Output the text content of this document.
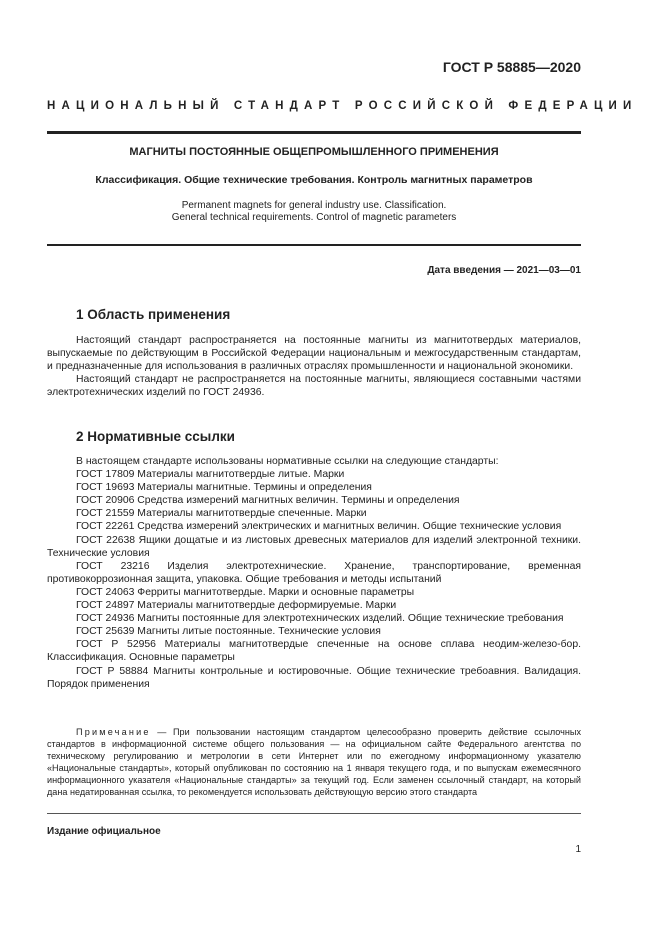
ГОСТ Р 58885—2020
НАЦИОНАЛЬНЫЙ СТАНДАРТ РОССИЙСКОЙ ФЕДЕРАЦИИ
МАГНИТЫ ПОСТОЯННЫЕ ОБЩЕПРОМЫШЛЕННОГО ПРИМЕНЕНИЯ
Классификация. Общие технические требования. Контроль магнитных параметров
Permanent magnets for general industry use. Classification.
General technical requirements. Control of magnetic parameters
Дата введения — 2021—03—01
1 Область применения

Настоящий стандарт распространяется на постоянные магниты из магнитотвердых материалов, выпускаемые по действующим в Российской Федерации национальным и межгосударственным стандартам, и предназначенные для использования в различных отраслях промышленности и национальной экономики.

Настоящий стандарт не распространяется на постоянные магниты, являющиеся составными частями электротехнических изделий по ГОСТ 24936.

2 Нормативные ссылки

В настоящем стандарте использованы нормативные ссылки на следующие стандарты:

ГОСТ 17809 Материалы магнитотвердые литые. Марки

ГОСТ 19693 Материалы магнитные. Термины и определения

ГОСТ 20906 Средства измерений магнитных величин. Термины и определения

ГОСТ 21559 Материалы магнитотвердые спеченные. Марки

ГОСТ 22261 Средства измерений электрических и магнитных величин. Общие технические условия

ГОСТ 22638 Ящики дощатые и из листовых древесных материалов для изделий электронной техники. Технические условия

ГОСТ 23216 Изделия электротехнические. Хранение, транспортирование, временная противокоррозионная защита, упаковка. Общие требования и методы испытаний

ГОСТ 24063 Ферриты магнитотвердые. Марки и основные параметры

ГОСТ 24897 Материалы магнитотвердые деформируемые. Марки

ГОСТ 24936 Магниты постоянные для электротехнических изделий. Общие технические требования

ГОСТ 25639 Магниты литые постоянные. Технические условия

ГОСТ Р 52956 Материалы магнитотвердые спеченные на основе сплава неодим-железо-бор. Классификация. Основные параметры

ГОСТ Р 58884 Магниты контрольные и юстировочные. Общие технические требоавния. Валидация. Порядок применения

Примечание — При пользовании настоящим стандартом целесообразно проверить действие ссылочных стандартов в информационной системе общего пользования — на официальном сайте Федерального агентства по техническому регулированию и метрологии в сети Интернет или по ежегодному информационному указателю «Национальные стандарты», который опубликован по состоянию на 1 января текущего года, и по выпускам ежемесячного информационного указателя «Национальные стандарты» за текущий год. Если заменен ссылочный стандарт, на который дана недатированная ссылка, то рекомендуется использовать действующую версию этого стандарта
Издание официальное
1
